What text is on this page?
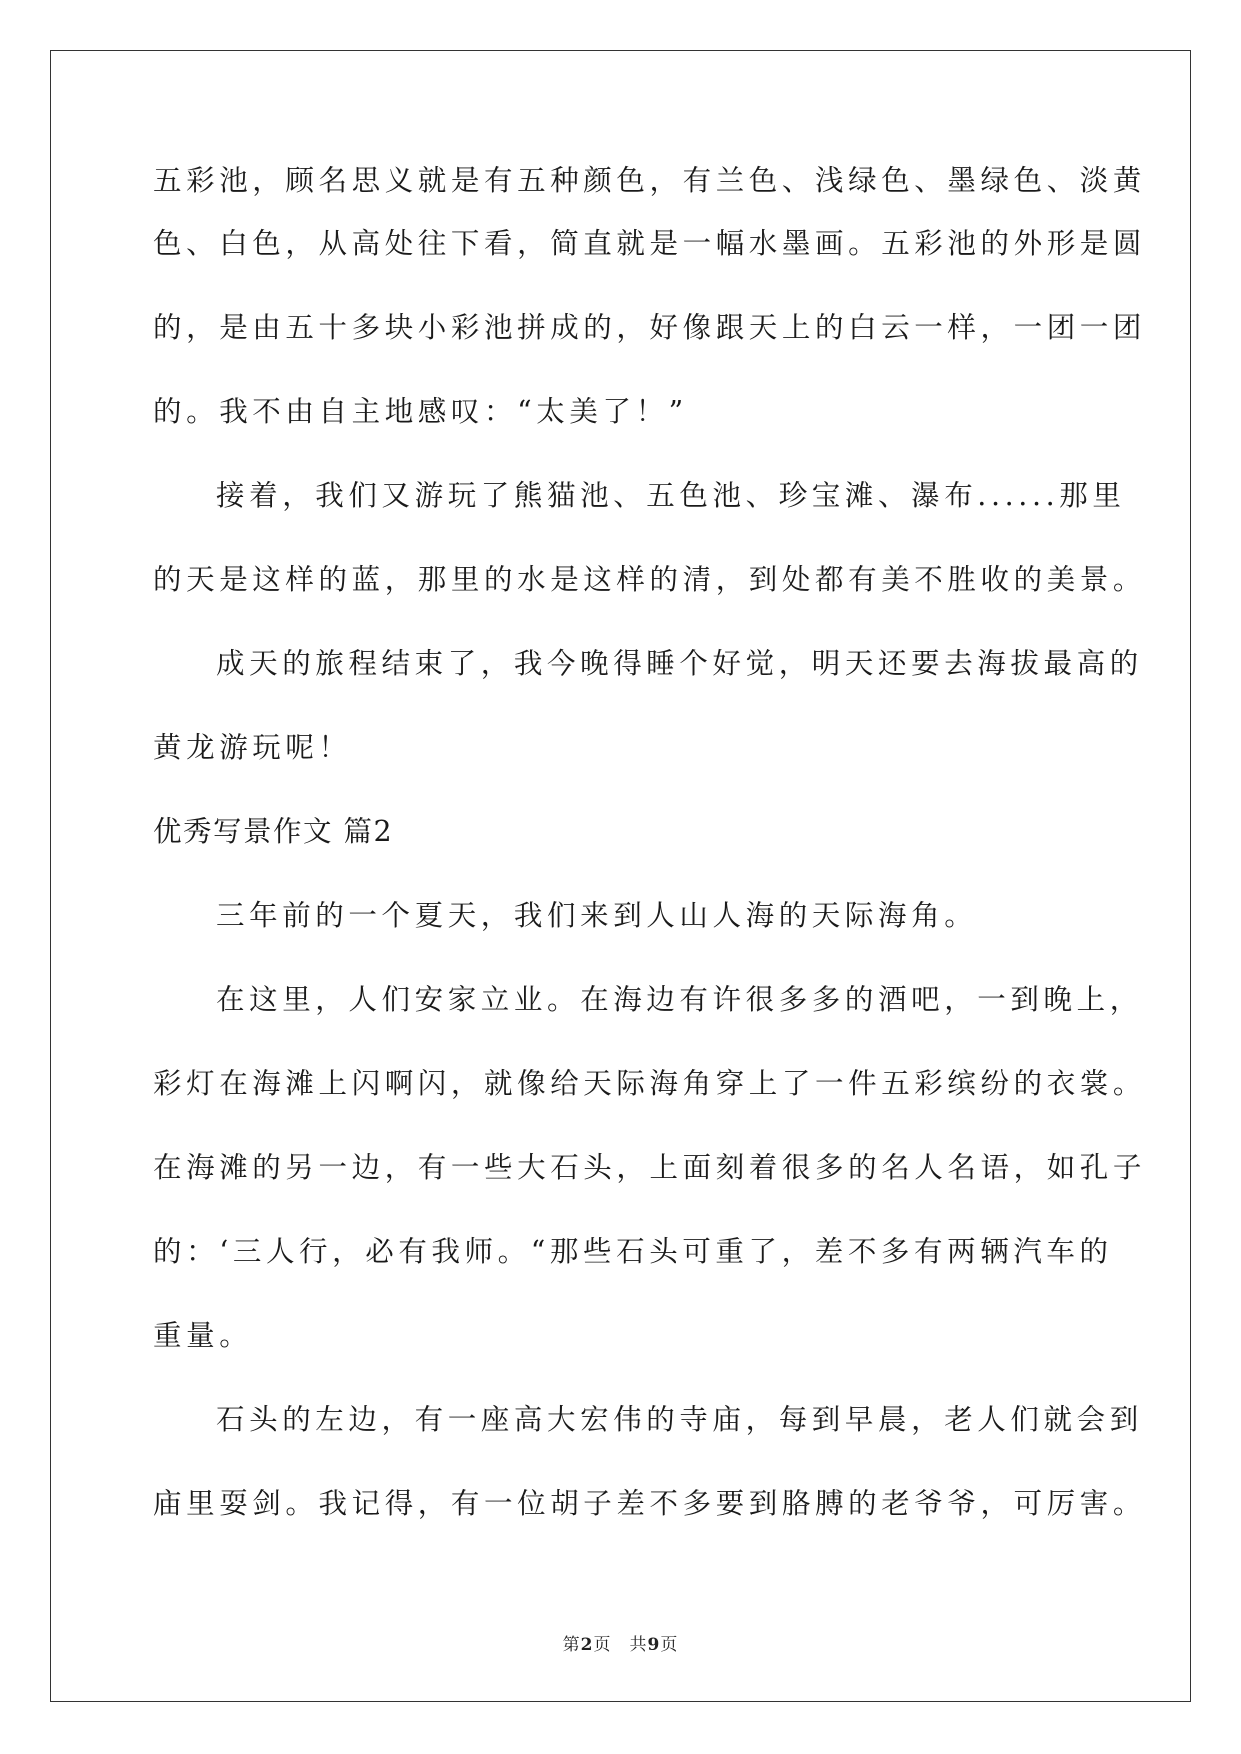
五彩池，顾名思义就是有五种颜色，有兰色、浅绿色、墨绿色、淡黄

色、白色，从高处往下看，简直就是一幅水墨画。五彩池的外形是圆

的，是由五十多块小彩池拼成的，好像跟天上的白云一样，一团一团

的。我不由自主地感叹：“太美了！”

接着，我们又游玩了熊猫池、五色池、珍宝滩、瀑布......那里

的天是这样的蓝，那里的水是这样的清，到处都有美不胜收的美景。

成天的旅程结束了，我今晚得睡个好觉，明天还要去海拔最高的

黄龙游玩呢！

优秀写景作文 篇2

三年前的一个夏天，我们来到人山人海的天际海角。

在这里，人们安家立业。在海边有许很多多的酒吧，一到晚上，

彩灯在海滩上闪啊闪，就像给天际海角穿上了一件五彩缤纷的衣裳。

在海滩的另一边，有一些大石头，上面刻着很多的名人名语，如孔子

的：‘三人行，必有我师。“那些石头可重了，差不多有两辆汽车的

重量。

石头的左边，有一座高大宏伟的寺庙，每到早晨，老人们就会到

庙里耍剑。我记得，有一位胡子差不多要到胳膊的老爷爷，可厉害。

第2页　共9页
